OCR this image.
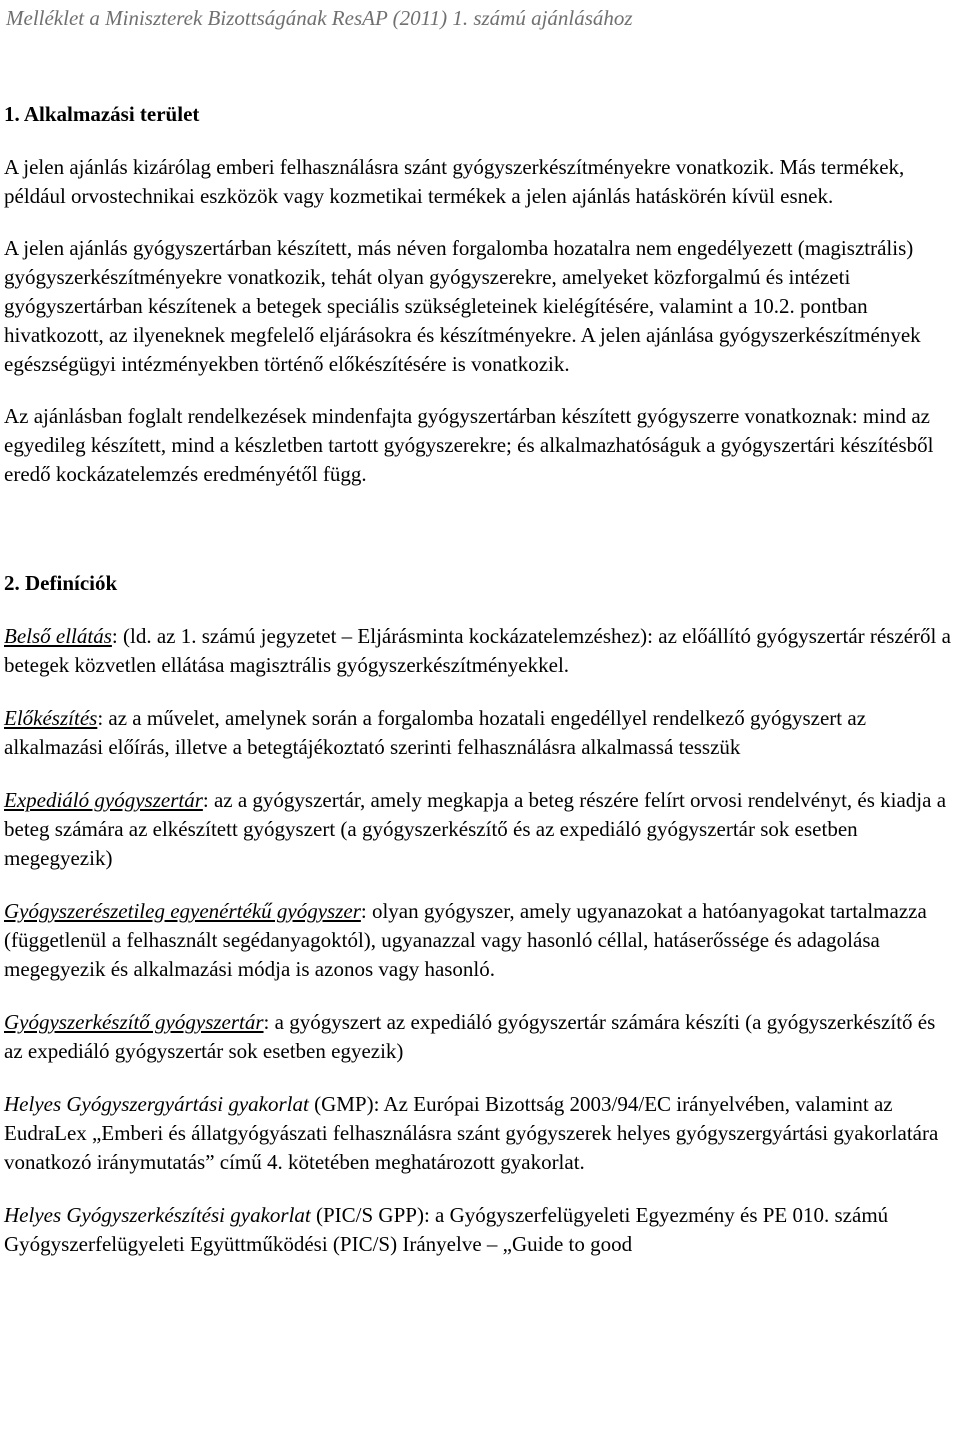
Melléklet a Miniszterek Bizottságának ResAP (2011) 1. számú ajánlásához
1. Alkalmazási terület

A jelen ajánlás kizárólag emberi felhasználásra szánt gyógyszerkészítményekre vonatkozik. Más termékek, például orvostechnikai eszközök vagy kozmetikai termékek a jelen ajánlás hatáskörén kívül esnek.

A jelen ajánlás gyógyszertárban készített, más néven forgalomba hozatalra nem engedélyezett (magisztrális) gyógyszerkészítményekre vonatkozik, tehát olyan gyógyszerekre, amelyeket közforgalmú és intézeti gyógyszertárban készítenek a betegek speciális szükségleteinek kielégítésére, valamint a 10.2. pontban hivatkozott, az ilyeneknek megfelelő eljárásokra és készítményekre. A jelen ajánlása gyógyszerkészítmények egészségügyi intézményekben történő előkészítésére is vonatkozik.

Az ajánlásban foglalt rendelkezések mindenfajta gyógyszertárban készített gyógyszerre vonatkoznak: mind az egyedileg készített, mind a készletben tartott gyógyszerekre; és alkalmazhatóságuk a gyógyszertári készítésből eredő kockázatelemzés eredményétől függ.

2. Definíciók

Belső ellátás: (ld. az 1. számú jegyzetet ‒ Eljárásminta kockázatelemzéshez): az előállító gyógyszertár részéről a betegek közvetlen ellátása magisztrális gyógyszerkészítményekkel.

Előkészítés: az a művelet, amelynek során a forgalomba hozatali engedéllyel rendelkező gyógyszert az alkalmazási előírás, illetve a betegtájékoztató szerinti felhasználásra alkalmassá tesszük

Expediáló gyógyszertár: az a gyógyszertár, amely megkapja a beteg részére felírt orvosi rendelvényt, és kiadja a beteg számára az elkészített gyógyszert (a gyógyszerkészítő és az expediáló gyógyszertár sok esetben megegyezik)

Gyógyszerészetileg egyenértékű gyógyszer: olyan gyógyszer, amely ugyanazokat a hatóanyagokat tartalmazza (függetlenül a felhasznált segédanyagoktól), ugyanazzal vagy hasonló céllal, hatáserőssége és adagolása megegyezik és alkalmazási módja is azonos vagy hasonló.

Gyógyszerkészítő gyógyszertár: a gyógyszert az expediáló gyógyszertár számára készíti (a gyógyszerkészítő és az expediáló gyógyszertár sok esetben egyezik)

Helyes Gyógyszergyártási gyakorlat (GMP): Az Európai Bizottság 2003/94/EC irányelvében, valamint az EudraLex „Emberi és állatgyógyászati felhasználásra szánt gyógyszerek helyes gyógyszergyártási gyakorlatára vonatkozó iránymutatás” című 4. kötetében meghatározott gyakorlat.

Helyes Gyógyszerkészítési gyakorlat (PIC/S GPP): a Gyógyszerfelügyeleti Egyezmény és PE 010. számú Gyógyszerfelügyeleti Együttműködési (PIC/S) Irányelve ‒ „Guide to good
